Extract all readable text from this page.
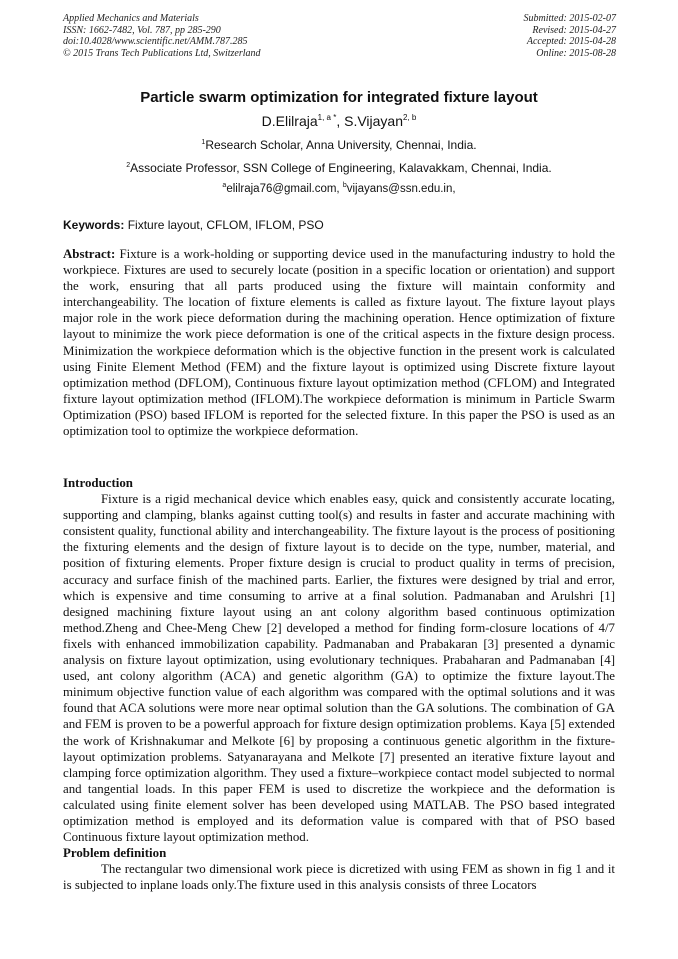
Applied Mechanics and Materials
ISSN: 1662-7482, Vol. 787, pp 285-290
doi:10.4028/www.scientific.net/AMM.787.285
© 2015 Trans Tech Publications Ltd, Switzerland
Submitted: 2015-02-07
Revised: 2015-04-27
Accepted: 2015-04-28
Online: 2015-08-28
Particle swarm optimization for integrated fixture layout
D.Elilraja$^{1, a *}$, S.Vijayan$^{2, b}$
$^1$Research Scholar, Anna University, Chennai, India.
$^2$Associate Professor, SSN College of Engineering, Kalavakkam, Chennai, India.
$^a$elilraja76@gmail.com, $^b$vijayans@ssn.edu.in,
Keywords: Fixture layout, CFLOM, IFLOM, PSO

Abstract: Fixture is a work-holding or supporting device used in the manufacturing industry to hold the workpiece. Fixtures are used to securely locate (position in a specific location or orientation) and support the work, ensuring that all parts produced using the fixture will maintain conformity and interchangeability. The location of fixture elements is called as fixture layout. The fixture layout plays major role in the work piece deformation during the machining operation. Hence optimization of fixture layout to minimize the work piece deformation is one of the critical aspects in the fixture design process. Minimization the workpiece deformation which is the objective function in the present work is calculated using Finite Element Method (FEM) and the fixture layout is optimized using Discrete fixture layout optimization method (DFLOM), Continuous fixture layout optimization method (CFLOM) and Integrated fixture layout optimization method (IFLOM).The workpiece deformation is minimum in Particle Swarm Optimization (PSO) based IFLOM is reported for the selected fixture. In this paper the PSO is used as an optimization tool to optimize the workpiece deformation.

Introduction

Fixture is a rigid mechanical device which enables easy, quick and consistently accurate locating, supporting and clamping, blanks against cutting tool(s) and results in faster and accurate machining with consistent quality, functional ability and interchangeability. The fixture layout is the process of positioning the fixturing elements and the design of fixture layout is to decide on the type, number, material, and position of fixturing elements. Proper fixture design is crucial to product quality in terms of precision, accuracy and surface finish of the machined parts. Earlier, the fixtures were designed by trial and error, which is expensive and time consuming to arrive at a final solution. Padmanaban and Arulshri [1] designed machining fixture layout using an ant colony algorithm based continuous optimization method.Zheng and Chee-Meng Chew [2] developed a method for finding form-closure locations of 4/7 fixels with enhanced immobilization capability. Padmanaban and Prabakaran [3] presented a dynamic analysis on fixture layout optimization, using evolutionary techniques. Prabaharan and Padmanaban [4] used, ant colony algorithm (ACA) and genetic algorithm (GA) to optimize the fixture layout.The minimum objective function value of each algorithm was compared with the optimal solutions and it was found that ACA solutions were more near optimal solution than the GA solutions. The combination of GA and FEM is proven to be a powerful approach for fixture design optimization problems. Kaya [5] extended the work of Krishnakumar and Melkote [6] by proposing a continuous genetic algorithm in the fixture-layout optimization problems. Satyanarayana and Melkote [7] presented an iterative fixture layout and clamping force optimization algorithm. They used a fixture–workpiece contact model subjected to normal and tangential loads. In this paper FEM is used to discretize the workpiece and the deformation is calculated using finite element solver has been developed using MATLAB. The PSO based integrated optimization method is employed and its deformation value is compared with that of PSO based Continuous fixture layout optimization method.

Problem definition

The rectangular two dimensional work piece is dicretized with using FEM as shown in fig 1 and it is subjected to inplane loads only.The fixture used in this analysis consists of three Locators
